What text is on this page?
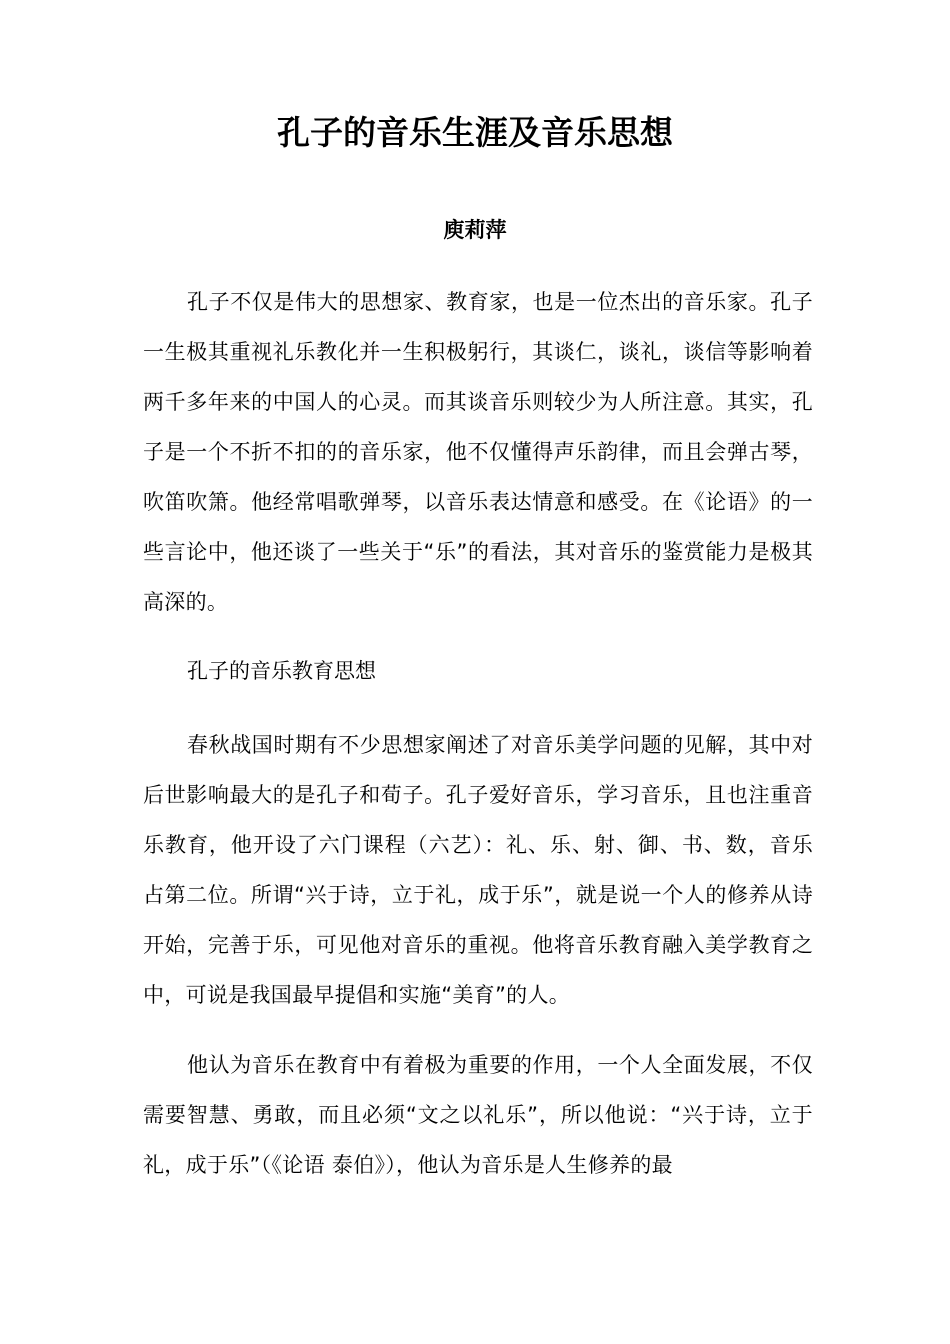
孔子的音乐生涯及音乐思想

庾莉萍

孔子不仅是伟大的思想家、教育家，也是一位杰出的音乐家。孔子一生极其重视礼乐教化并一生积极躬行，其谈仁，谈礼，谈信等影响着两千多年来的中国人的心灵。而其谈音乐则较少为人所注意。其实，孔子是一个不折不扣的的音乐家，他不仅懂得声乐韵律，而且会弹古琴，吹笛吹箫。他经常唱歌弹琴，以音乐表达情意和感受。在《论语》的一些言论中，他还谈了一些关于“乐”的看法，其对音乐的鉴赏能力是极其高深的。

孔子的音乐教育思想

春秋战国时期有不少思想家阐述了对音乐美学问题的见解，其中对后世影响最大的是孔子和荀子。孔子爱好音乐，学习音乐，且也注重音乐教育，他开设了六门课程（六艺）：礼、乐、射、御、书、数，音乐占第二位。所谓“兴于诗，立于礼，成于乐”，就是说一个人的修养从诗开始，完善于乐，可见他对音乐的重视。他将音乐教育融入美学教育之中，可说是我国最早提倡和实施“美育”的人。

他认为音乐在教育中有着极为重要的作用，一个人全面发展，不仅需要智慧、勇敢，而且必须“文之以礼乐”，所以他说：“兴于诗，立于礼，成于乐”（《论语 泰伯》），他认为音乐是人生修养的最
